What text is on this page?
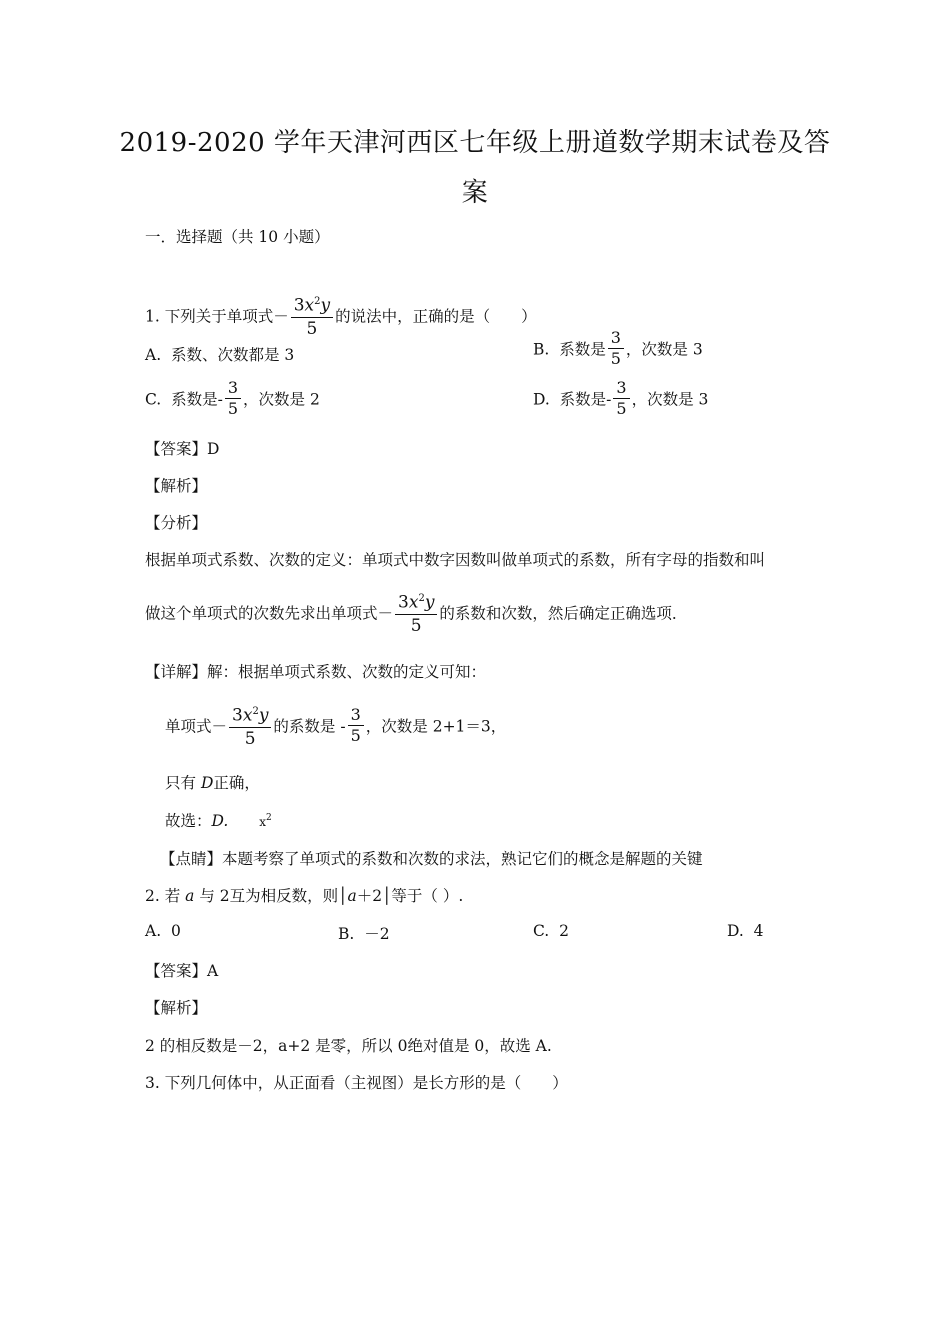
2019-2020 学年天津河西区七年级上册道数学期末试卷及答
案
一．选择题（共 10 小题）
1. 下列关于单项式－ $\frac{3x^2y}{5}$ 的说法中，正确的是（　　）
A. 系数、次数都是 3	B. 系数是 $\frac{3}{5}$ ，次数是 3
C. 系数是- $\frac{3}{5}$ ，次数是 2	D. 系数是- $\frac{3}{5}$ ，次数是 3
【答案】D
【解析】
【分析】
根据单项式系数、次数的定义：单项式中数字因数叫做单项式的系数，所有字母的指数和叫
做这个单项式的次数先求出单项式－ $\frac{3x^2y}{5}$ 的系数和次数，然后确定正确选项．
【详解】解：根据单项式系数、次数的定义可知：
单项式－ $\frac{3x^2y}{5}$ 的系数是 - $\frac{3}{5}$ ，次数是 2+1＝3，
只有 D正确，
故选：D.	$x^2$
【点睛】本题考察了单项式的系数和次数的求法，熟记它们的概念是解题的关键
2. 若 a 与 2互为相反数，则│a＋2│等于（ ）.
A. 0	B. －2	C. 2	D. 4
【答案】A
【解析】
2 的相反数是－2，a+2 是零，所以 0绝对值是 0，故选 A.
3. 下列几何体中，从正面看（主视图）是长方形的是（　　）
